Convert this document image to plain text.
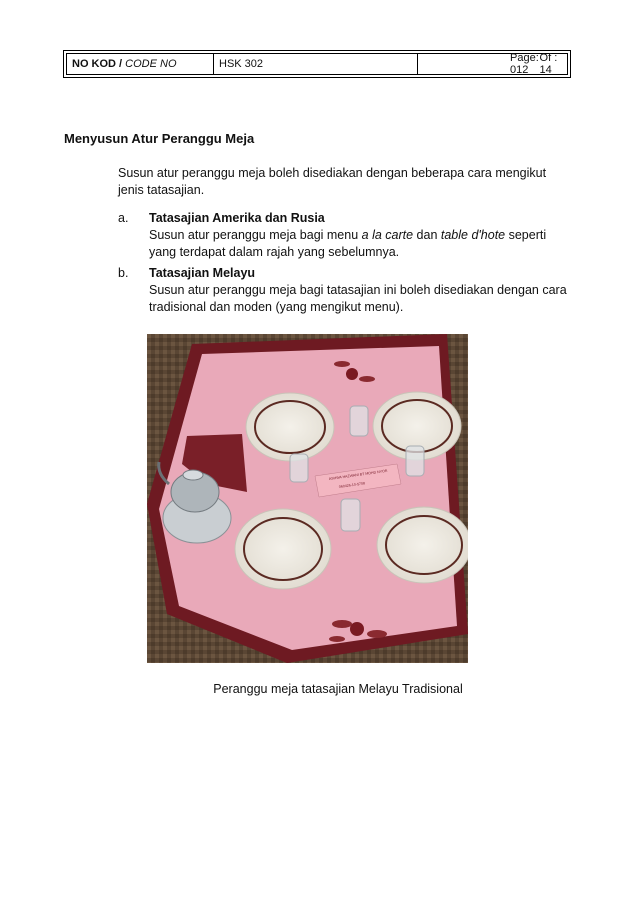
NO KOD / CODE NO	HSK 302	Page: 012
Of : 14
Menyusun Atur Peranggu Meja
Susun atur peranggu meja boleh disediakan dengan beberapa cara mengikut jenis tatasajian.
a. Tatasajian Amerika dan Rusia
Susun atur peranggu meja bagi menu a la carte dan table d'hote seperti yang terdapat dalam rajah yang sebelumnya.
b. Tatasajian Melayu
Susun atur peranggu meja bagi tatasajian ini boleh disediakan dengan cara tradisional dan moden (yang mengikut menu).
ASHWA HAZWANI BT MOHD NYOR
060426-10-5708
Peranggu meja tatasajian Melayu Tradisional
